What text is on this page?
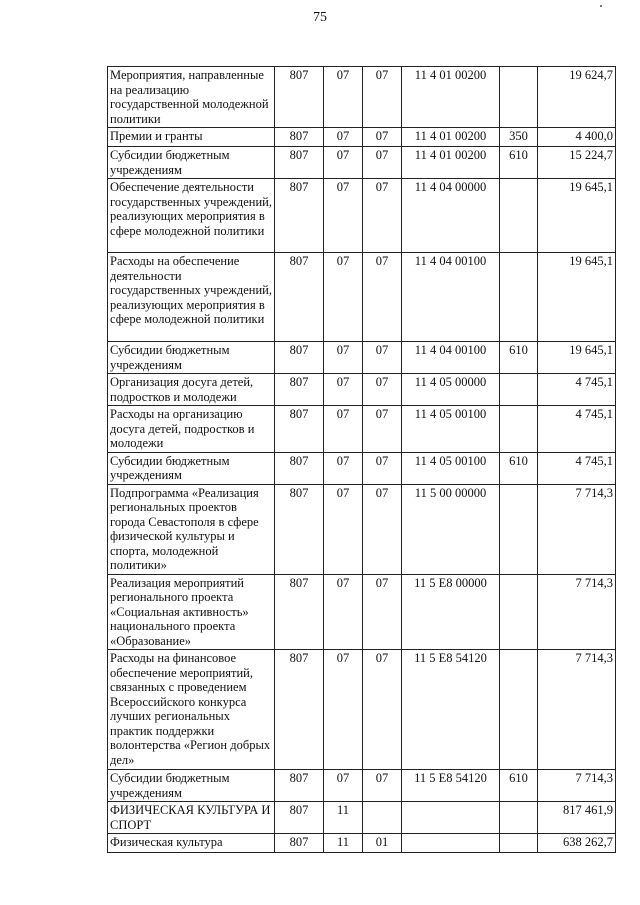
75
Мероприятия, направленные на реализацию государственной молодежной политики	807	07	07	11 4 01 00200		19 624,7
Премии и гранты	807	07	07	11 4 01 00200	350	4 400,0
Субсидии бюджетным учреждениям	807	07	07	11 4 01 00200	610	15 224,7
Обеспечение деятельности государственных учреждений, реализующих мероприятия в сфере молодежной политики	807	07	07	11 4 04 00000		19 645,1
Расходы на обеспечение деятельности государственных учреждений, реализующих мероприятия в сфере молодежной политики	807	07	07	11 4 04 00100		19 645,1
Субсидии бюджетным учреждениям	807	07	07	11 4 04 00100	610	19 645,1
Организация досуга детей, подростков и молодежи	807	07	07	11 4 05 00000		4 745,1
Расходы на организацию досуга детей, подростков и молодежи	807	07	07	11 4 05 00100		4 745,1
Субсидии бюджетным учреждениям	807	07	07	11 4 05 00100	610	4 745,1
Подпрограмма «Реализация региональных проектов города Севастополя в сфере физической культуры и спорта, молодежной политики»	807	07	07	11 5 00 00000		7 714,3
Реализация мероприятий регионального проекта «Социальная активность» национального проекта «Образование»	807	07	07	11 5 E8 00000		7 714,3
Расходы на финансовое обеспечение мероприятий, связанных с проведением Всероссийского конкурса лучших региональных практик поддержки волонтерства «Регион добрых дел»	807	07	07	11 5 E8 54120		7 714,3
Субсидии бюджетным учреждениям	807	07	07	11 5 E8 54120	610	7 714,3
ФИЗИЧЕСКАЯ КУЛЬТУРА И СПОРТ	807	11				817 461,9
Физическая культура	807	11	01			638 262,7
